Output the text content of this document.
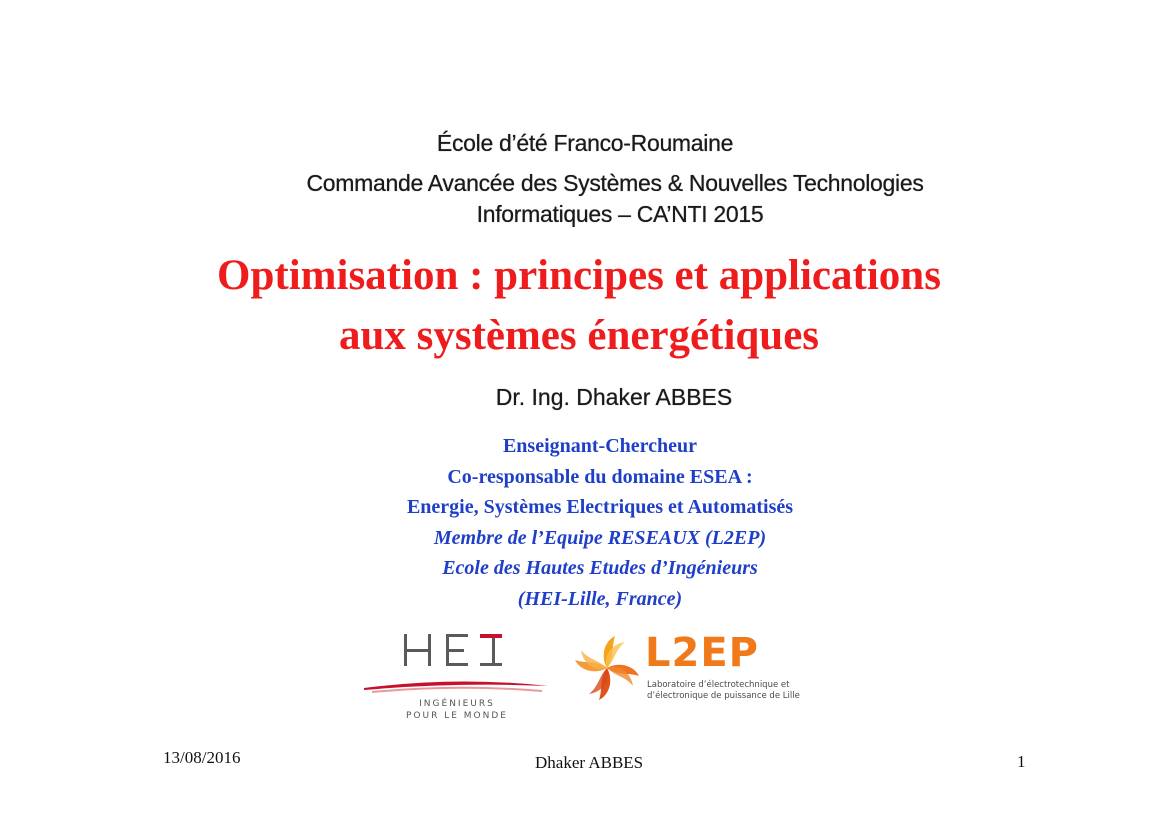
École d’été Franco-Roumaine
Commande Avancée des Systèmes & Nouvelles Technologies
Informatiques – CA’NTI 2015
Optimisation : principes et applications
aux systèmes énergétiques
Dr. Ing. Dhaker ABBES
Enseignant-Chercheur
Co-responsable du domaine ESEA :
Energie, Systèmes Electriques et Automatisés
Membre de l’Equipe RESEAUX (L2EP)
Ecole des Hautes Etudes d’Ingénieurs
(HEI-Lille, France)
INGÉNIEURS
POUR LE MONDE
L2EP
Laboratoire d’électrotechnique et
d’électronique de puissance de Lille
13/08/2016	Dhaker ABBES	1
